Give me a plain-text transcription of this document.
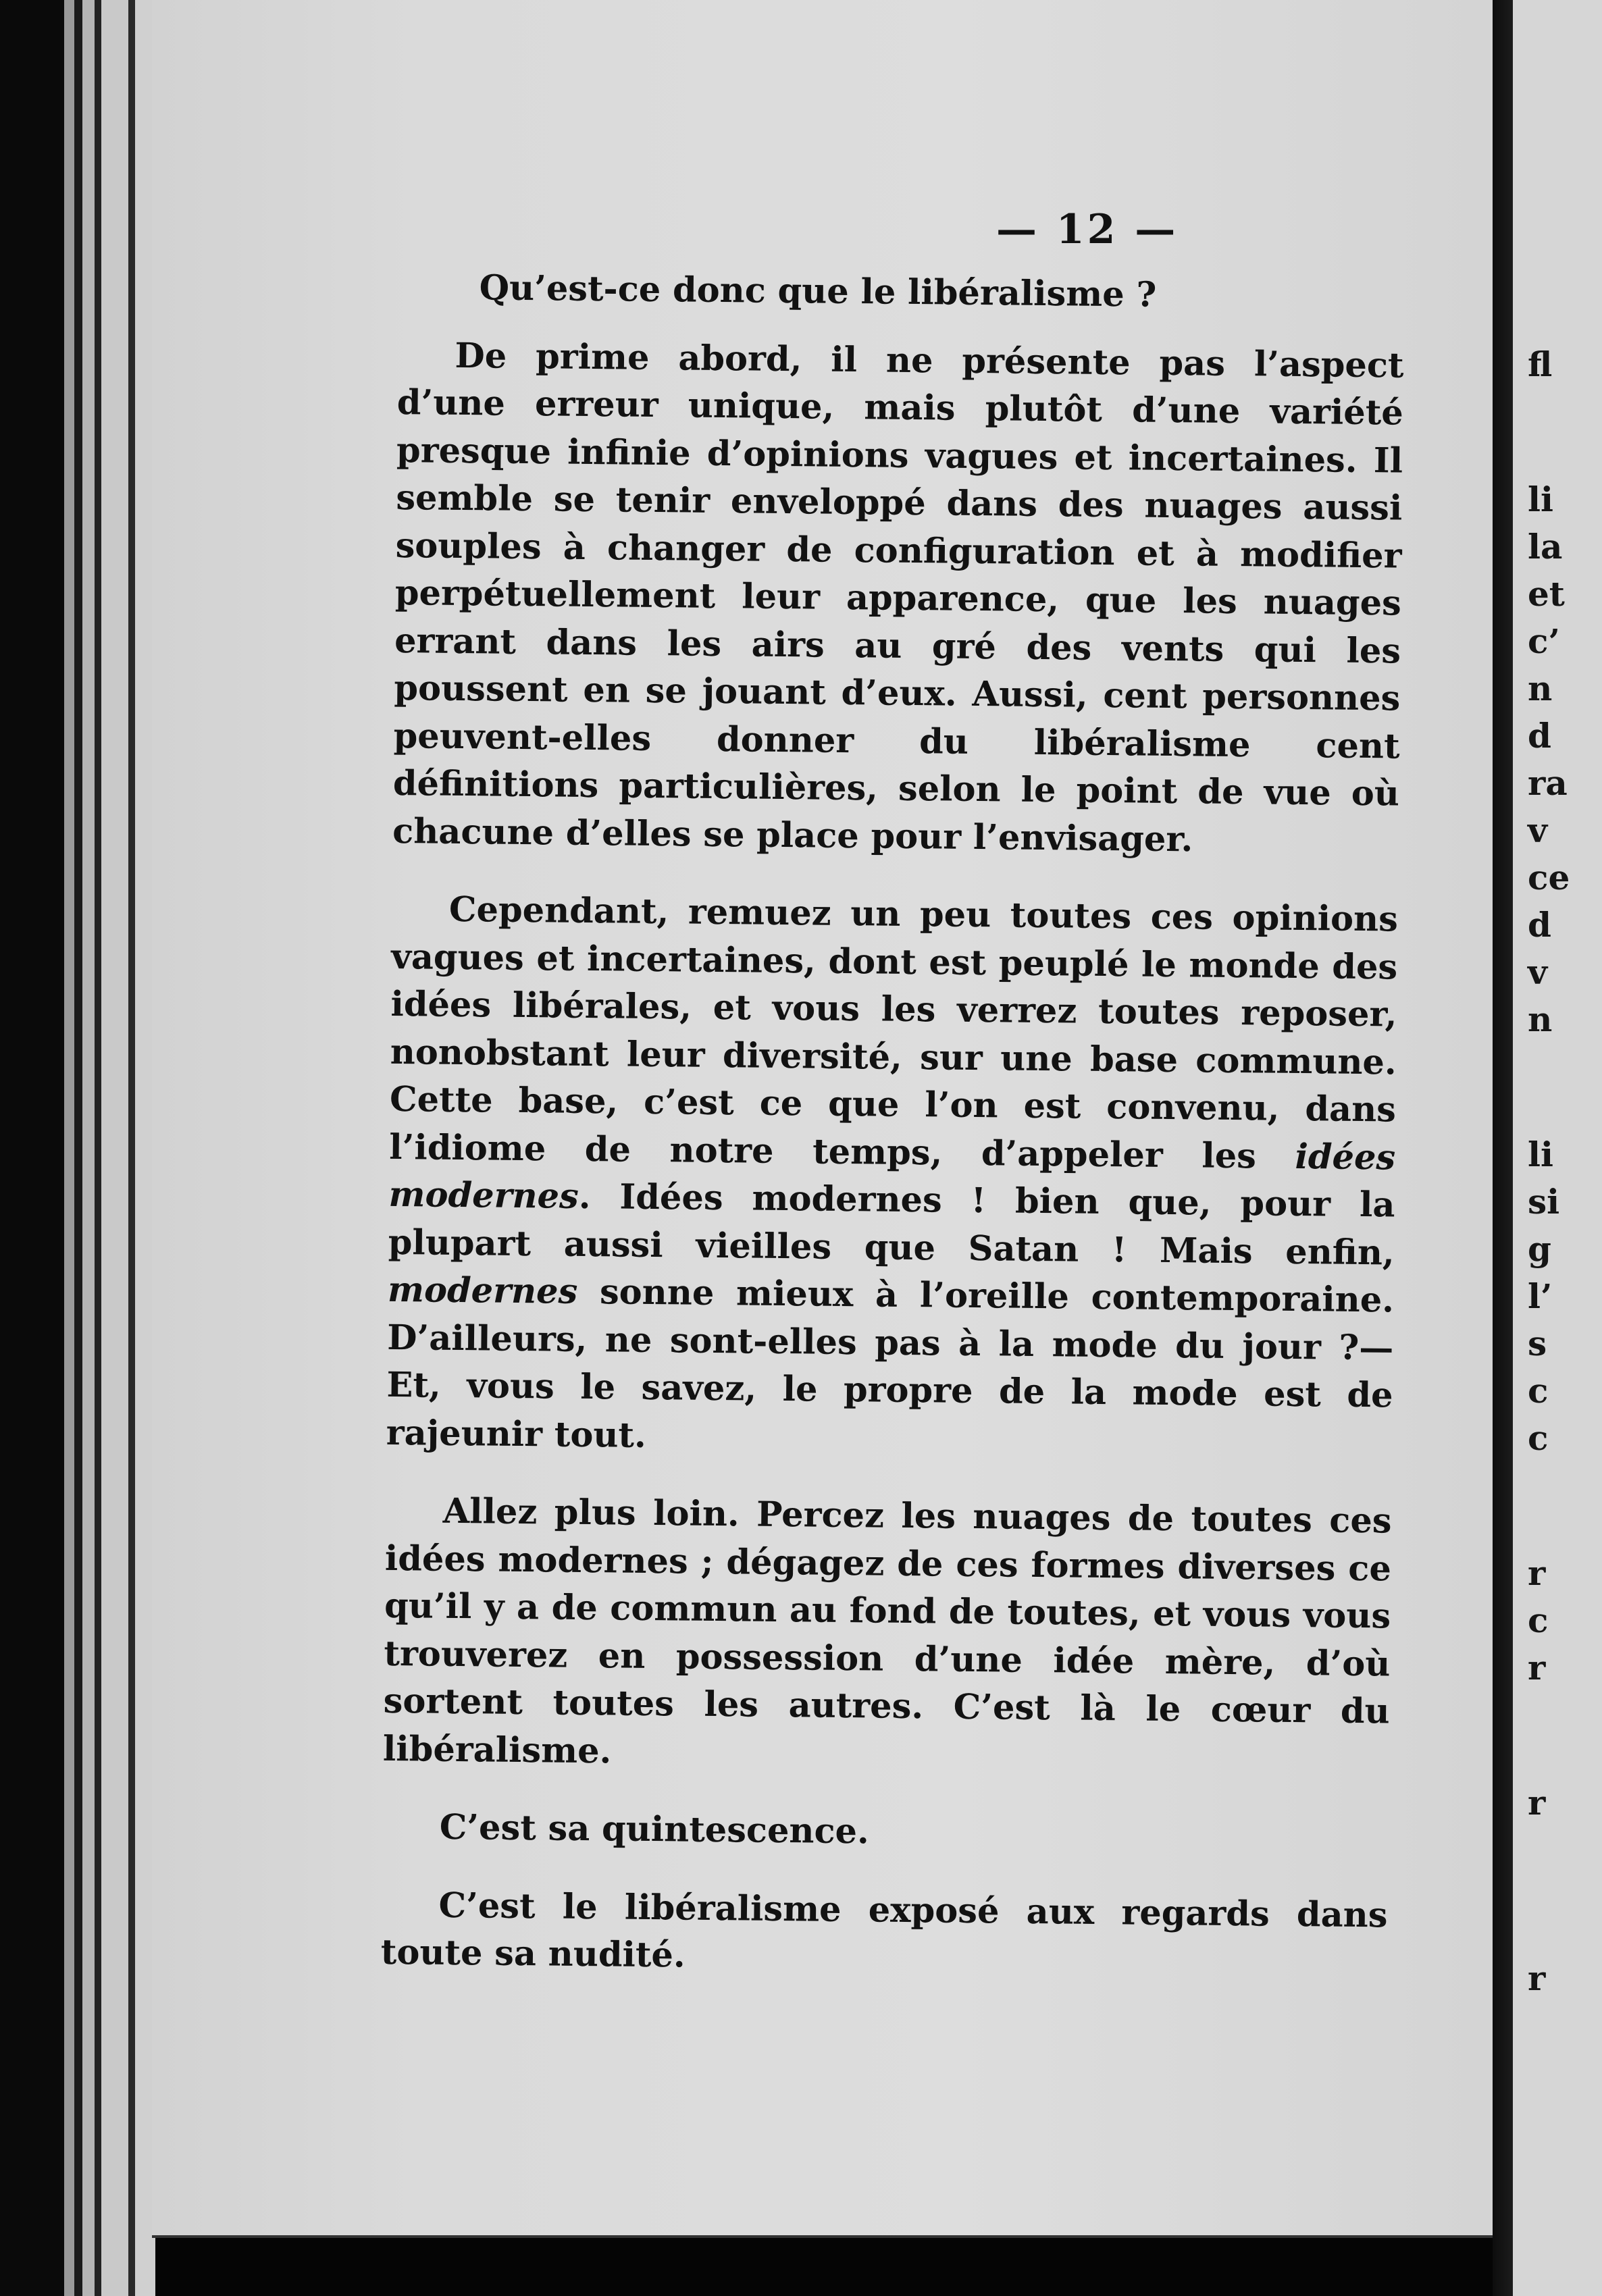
— 12 —

Qu’est-ce donc que le libéralisme ?

De prime abord, il ne présente pas l’aspect d’une erreur unique, mais plutôt d’une variété presque infinie d’opinions vagues et incertaines. Il semble se tenir enveloppé dans des nuages aussi souples à changer de configuration et à modifier perpétuellement leur apparence, que les nuages errant dans les airs au gré des vents qui les poussent en se jouant d’eux. Aussi, cent personnes peuvent-elles donner du libéralisme cent définitions particulières, selon le point de vue où chacune d’elles se place pour l’envisager.

Cependant, remuez un peu toutes ces opinions vagues et incertaines, dont est peuplé le monde des idées libérales, et vous les verrez toutes reposer, nonobstant leur diversité, sur une base commune. Cette base, c’est ce que l’on est convenu, dans l’idiome de notre temps, d’appeler les idées modernes. Idées modernes ! bien que, pour la plupart aussi vieilles que Satan ! Mais enfin, modernes sonne mieux à l’oreille contemporaine. D’ailleurs, ne sont-elles pas à la mode du jour ?—Et, vous le savez, le propre de la mode est de rajeunir tout.

Allez plus loin. Percez les nuages de toutes ces idées modernes ; dégagez de ces formes diverses ce qu’il y a de commun au fond de toutes, et vous vous trouverez en possession d’une idée mère, d’où sortent toutes les autres. C’est là le cœur du libéralisme.

C’est sa quintescence.

C’est le libéralisme exposé aux regards dans toute sa nudité.

fl
li
la
et
c’
n
d
ra
v
ce
d
v
n
li
si
g
l’
s
c
c
r
c
r
r
r
